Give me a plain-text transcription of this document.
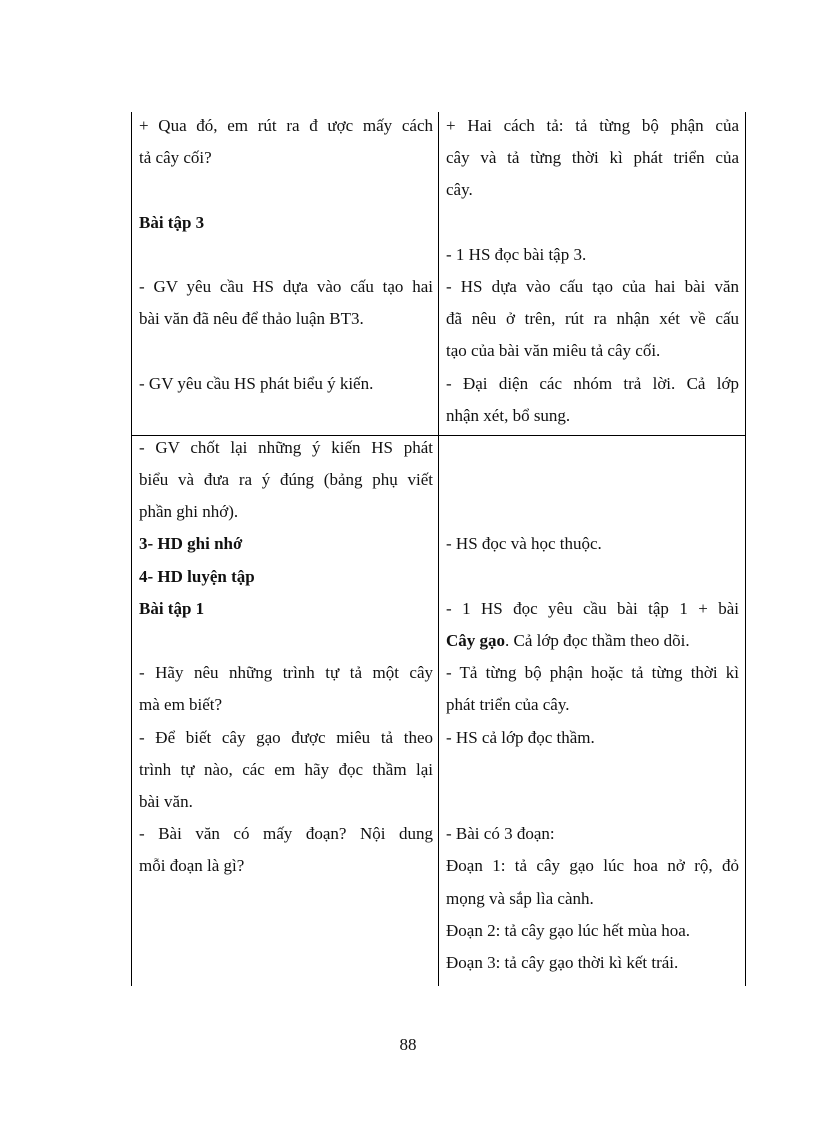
+ Qua đó, em rút ra đ ược mấy cách
tả cây cối?
Bài tập 3
- GV yêu cầu HS dựa vào cấu tạo hai
bài văn đã nêu để thảo luận BT3.
- GV yêu cầu HS phát biểu ý kiến.
- GV chốt lại những ý kiến HS phát
biểu và đưa ra ý đúng (bảng phụ viết
phần ghi nhớ).
3- HD ghi nhớ
4- HD luyện tập
Bài tập 1
- Hãy nêu những trình tự tả một cây
mà em biết?
- Để biết cây gạo được miêu tả theo
trình tự nào, các em hãy đọc thầm lại
bài văn.
- Bài văn có mấy đoạn? Nội dung
mỗi đoạn là gì?
+ Hai cách tả: tả từng bộ phận của
cây và tả từng thời kì phát triển của
cây.
- 1 HS đọc bài tập 3.
- HS dựa vào cấu tạo của hai bài văn
đã nêu ở trên, rút ra nhận xét về cấu
tạo của bài văn miêu tả cây cối.
- Đại diện các nhóm trả lời. Cả lớp
nhận xét, bổ sung.
- HS đọc và học thuộc.
- 1 HS đọc yêu cầu bài tập 1 + bài
Cây gạo. Cả lớp đọc thầm theo dõi.
- Tả từng bộ phận hoặc tả từng thời kì
phát triển của cây.
- HS cả lớp đọc thầm.
- Bài có 3 đoạn:
Đoạn 1: tả cây gạo lúc hoa nở rộ, đỏ
mọng và sắp lìa cành.
Đoạn 2: tả cây gạo lúc hết mùa hoa.
Đoạn 3: tả cây gạo thời kì kết trái.
88
